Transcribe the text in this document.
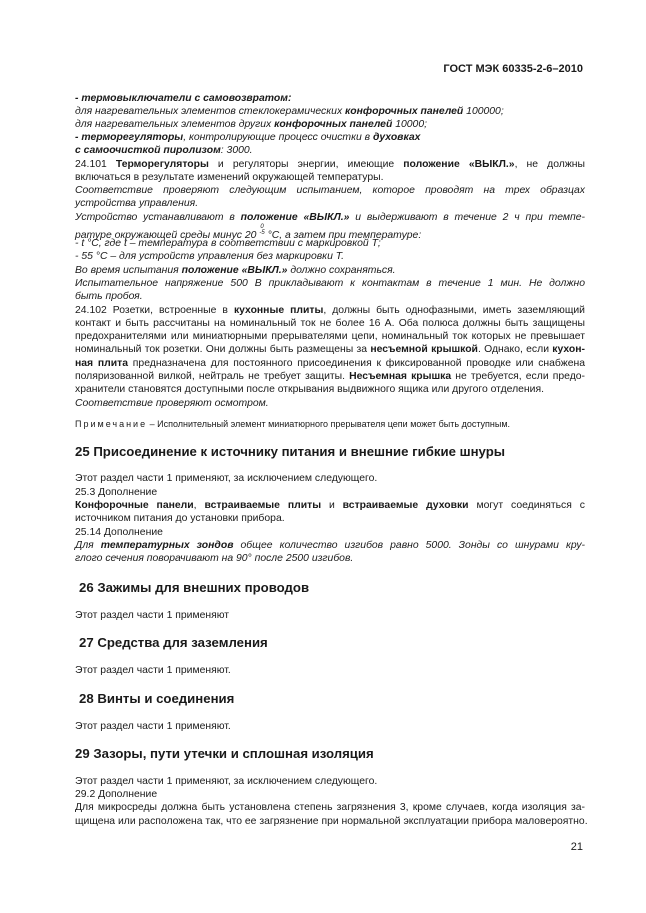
ГОСТ МЭК 60335-2-6–2010

- термовыключатели с самовозвратом:

для нагревательных элементов стеклокерамических конфорочных панелей 100000;

для нагревательных элементов других конфорочных панелей 10000;

- терморегуляторы, контролирующие процесс очистки в духовках

с самоочисткой пиролизом: 3000.

24.101 Терморегуляторы и регуляторы энергии, имеющие положение «ВЫКЛ.», не должны

включаться в результате изменений окружающей температуры.

Соответствие проверяют следующим испытанием, которое проводят на трех образцах

устройства управления.

Устройство устанавливают в положение «ВЫКЛ.» и выдерживают в течение 2 ч при темпе-

ратуре окружающей среды минус 20 $^{0 -5}$ °С, а затем при температуре:

- t °С, где t – температура в соответствии с маркировкой Т;

- 55 °С – для устройств управления без маркировки Т.

Во время испытания положение «ВЫКЛ.» должно сохраняться.

Испытательное напряжение 500 В прикладывают к контактам в течение 1 мин. Не должно

быть пробоя.

24.102 Розетки, встроенные в кухонные плиты, должны быть однофазными, иметь заземляющий

контакт и быть рассчитаны на номинальный ток не более 16 А. Оба полюса должны быть защищены

предохранителями или миниатюрными прерывателями цепи, номинальный ток которых не превышает

номинальный ток розетки. Они должны быть размещены за несъемной крышкой. Однако, если кухон-

ная плита предназначена для постоянного присоединения к фиксированной проводке или снабжена

поляризованной вилкой, нейтраль не требует защиты. Несъемная крышка не требуется, если предо-

хранители становятся доступными после открывания выдвижного ящика или другого отделения.

Соответствие проверяют осмотром.

Примечание – Исполнительный элемент миниатюрного прерывателя цепи может быть доступным.

25 Присоединение к источнику питания и внешние гибкие шнуры

Этот раздел части 1 применяют, за исключением следующего.

25.3 Дополнение

Конфорочные панели, встраиваемые плиты и встраиваемые духовки могут соединяться с

источником питания до установки прибора.

25.14 Дополнение

Для температурных зондов общее количество изгибов равно 5000. Зонды со шнурами кру-

глого сечения поворачивают на 90° после 2500 изгибов.

26 Зажимы для внешних проводов

Этот раздел части 1 применяют

27 Средства для заземления

Этот раздел части 1 применяют.

28 Винты и соединения

Этот раздел части 1 применяют.

29 Зазоры, пути утечки и сплошная изоляция

Этот раздел части 1 применяют, за исключением следующего.

29.2 Дополнение

Для микросреды должна быть установлена степень загрязнения 3, кроме случаев, когда изоляция за-

щищена или расположена так, что ее загрязнение при нормальной эксплуатации прибора маловероятно.

21
